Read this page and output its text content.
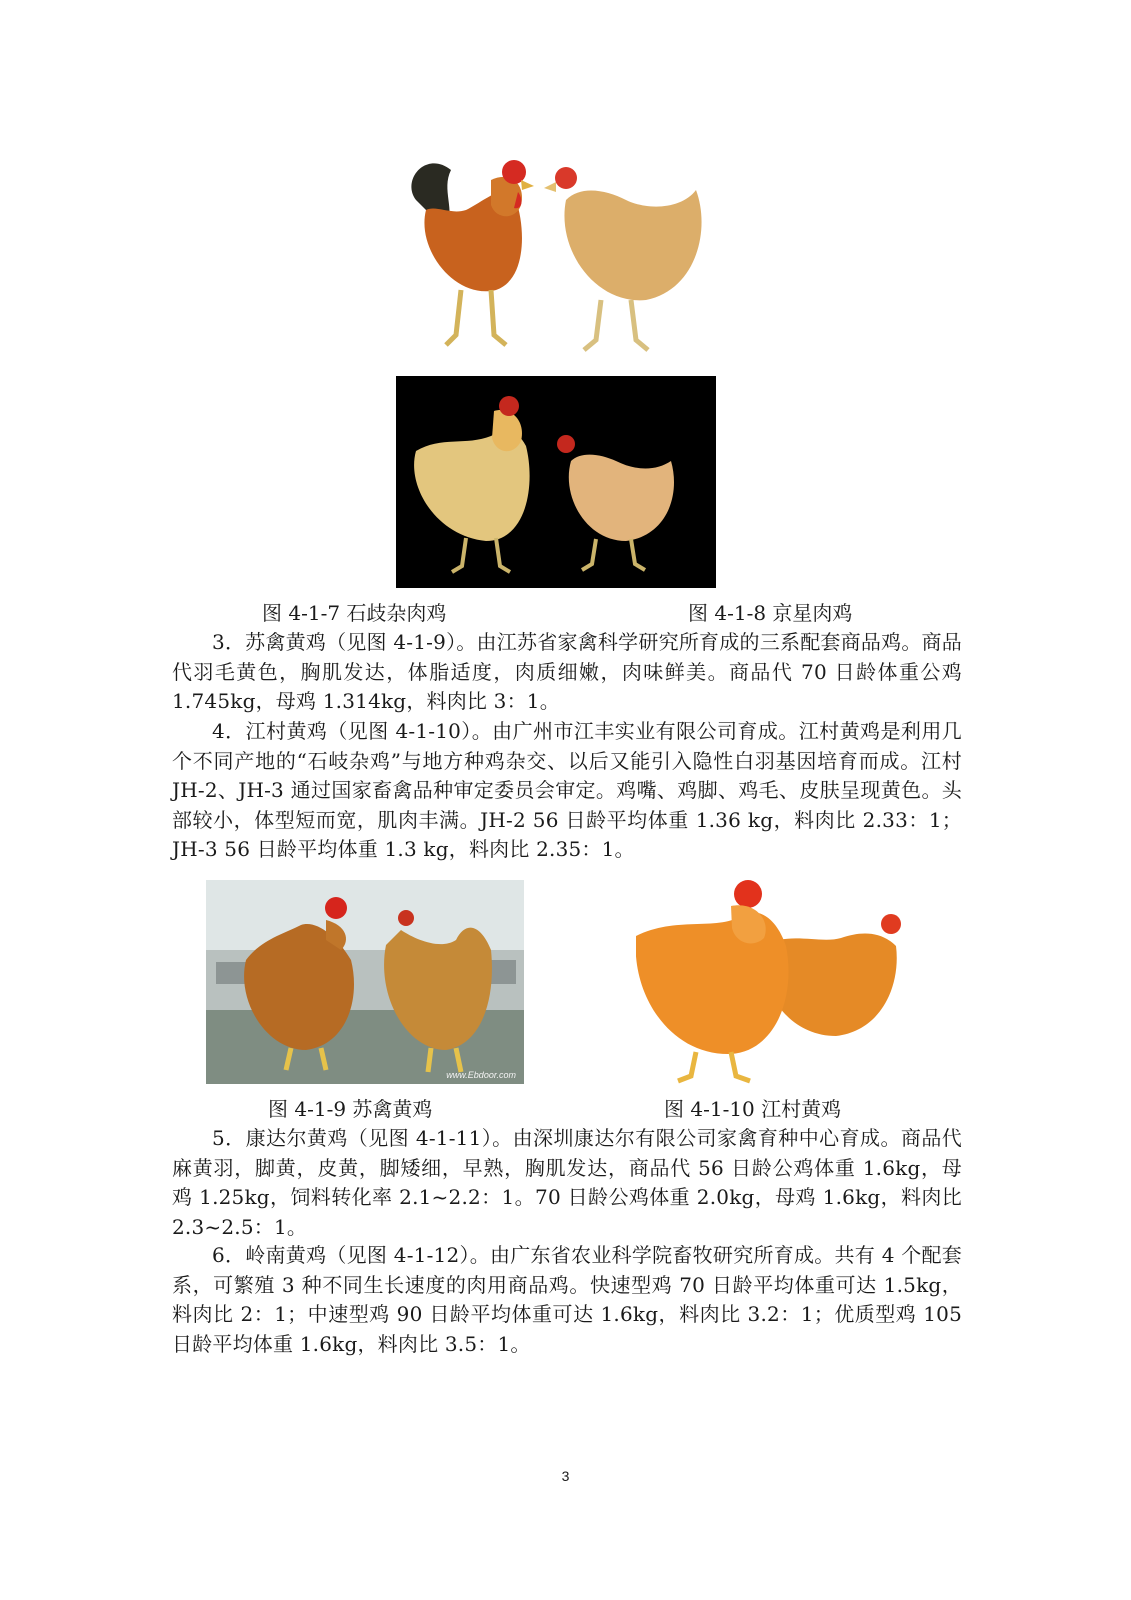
图 4-1-7 石歧杂肉鸡	图 4-1-8 京星肉鸡

3．苏禽黄鸡（见图 4-1-9）。由江苏省家禽科学研究所育成的三系配套商品鸡。商品代羽毛黄色，胸肌发达，体脂适度，肉质细嫩，肉味鲜美。商品代 70 日龄体重公鸡 1.745kg，母鸡 1.314kg，料肉比 3：1。

4．江村黄鸡（见图 4-1-10）。由广州市江丰实业有限公司育成。江村黄鸡是利用几个不同产地的“石岐杂鸡”与地方种鸡杂交、以后又能引入隐性白羽基因培育而成。江村 JH-2、JH-3 通过国家畜禽品种审定委员会审定。鸡嘴、鸡脚、鸡毛、皮肤呈现黄色。头部较小，体型短而宽，肌肉丰满。JH-2 56 日龄平均体重 1.36 kg，料肉比 2.33：1；JH-3 56 日龄平均体重 1.3 kg，料肉比 2.35：1。

www.Ebdoor.com
图 4-1-9 苏禽黄鸡	图 4-1-10 江村黄鸡

5．康达尔黄鸡（见图 4-1-11）。由深圳康达尔有限公司家禽育种中心育成。商品代麻黄羽，脚黄，皮黄，脚矮细，早熟，胸肌发达，商品代 56 日龄公鸡体重 1.6kg，母鸡 1.25kg，饲料转化率 2.1~2.2：1。70 日龄公鸡体重 2.0kg，母鸡 1.6kg，料肉比 2.3~2.5：1。

6．岭南黄鸡（见图 4-1-12）。由广东省农业科学院畜牧研究所育成。共有 4 个配套系，可繁殖 3 种不同生长速度的肉用商品鸡。快速型鸡 70 日龄平均体重可达 1.5kg，料肉比 2：1；中速型鸡 90 日龄平均体重可达 1.6kg，料肉比 3.2：1；优质型鸡 105 日龄平均体重 1.6kg，料肉比 3.5：1。

3
